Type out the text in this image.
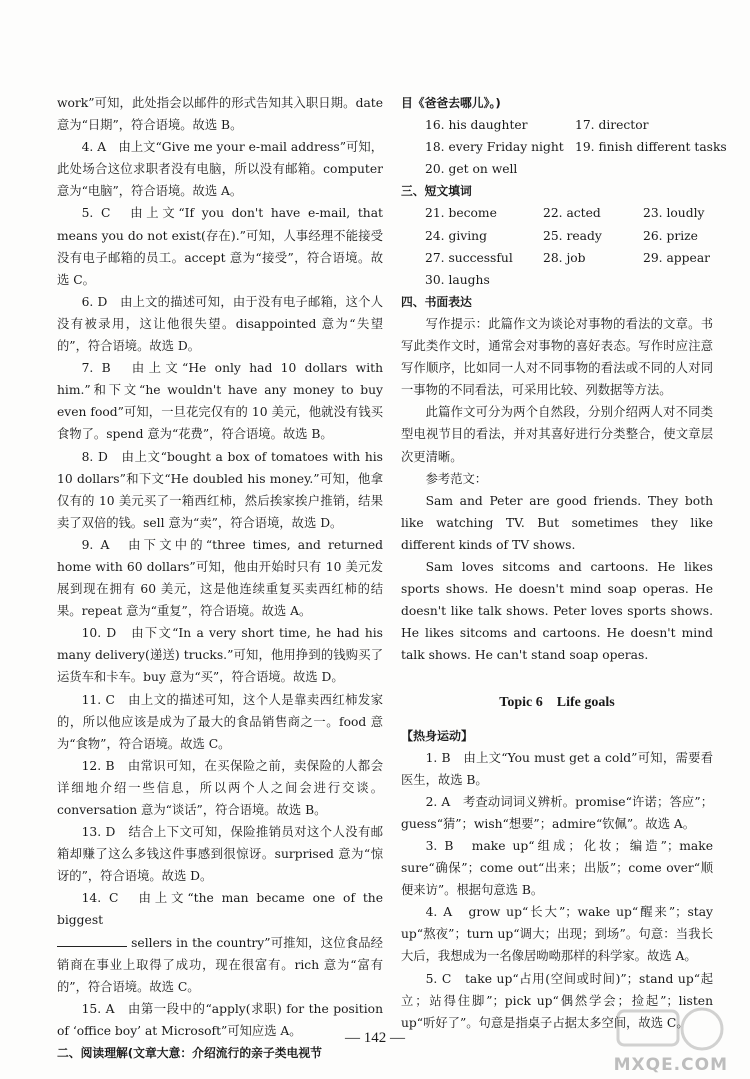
work”可知，此处指会以邮件的形式告知其入职日期。date 意为“日期”，符合语境。故选 B。

4. A　由上文“Give me your e-mail address”可知，此处场合这位求职者没有电脑，所以没有邮箱。computer 意为“电脑”，符合语境。故选 A。

5. C　由上文“If you don't have e-mail, that means you do not exist(存在).”可知，人事经理不能接受没有电子邮箱的员工。accept 意为“接受”，符合语境。故选 C。

6. D　由上文的描述可知，由于没有电子邮箱，这个人没有被录用，这让他很失望。disappointed 意为“失望的”，符合语境。故选 D。

7. B　由上文“He only had 10 dollars with him.”和下文“he wouldn't have any money to buy even food”可知，一旦花完仅有的 10 美元，他就没有钱买食物了。spend 意为“花费”，符合语境。故选 B。

8. D　由上文“bought a box of tomatoes with his 10 dollars”和下文“He doubled his money.”可知，他拿仅有的 10 美元买了一箱西红柿，然后挨家挨户推销，结果卖了双倍的钱。sell 意为“卖”，符合语境，故选 D。

9. A　由下文中的“three times, and returned home with 60 dollars”可知，他由开始时只有 10 美元发展到现在拥有 60 美元，这是他连续重复买卖西红柿的结果。repeat 意为“重复”，符合语境。故选 A。

10. D　由下文“In a very short time, he had his many delivery(递送) trucks.”可知，他用挣到的钱购买了运货车和卡车。buy 意为“买”，符合语境。故选 D。

11. C　由上文的描述可知，这个人是靠卖西红柿发家的，所以他应该是成为了最大的食品销售商之一。food 意为“食物”，符合语境。故选 C。

12. B　由常识可知，在买保险之前，卖保险的人都会详细地介绍一些信息，所以两个人之间会进行交谈。conversation 意为“谈话”，符合语境。故选 B。

13. D　结合上下文可知，保险推销员对这个人没有邮箱却赚了这么多钱这件事感到很惊讶。surprised 意为“惊讶的”，符合语境。故选 D。

14. C　由上文“the man became one of the biggest

sellers in the country”可推知，这位食品经销商在事业上取得了成功，现在很富有。rich 意为“富有的”，符合语境。故选 C。

15. A　由第一段中的“apply(求职) for the position of ‘office boy’ at Microsoft”可知应选 A。

二、阅读理解(文章大意：介绍流行的亲子类电视节

目《爸爸去哪儿》。)

16. his daughter	17. director
18. every Friday night 19. finish different tasks
20. get on well

三、短文填词

21. become	22. acted	23. loudly
24. giving	25. ready	26. prize
27. successful	28. job	29. appear
30. laughs

四、书面表达

写作提示：此篇作文为谈论对事物的看法的文章。书写此类作文时，通常会对事物的喜好表态。写作时应注意写作顺序，比如同一人对不同事物的看法或不同的人对同一事物的不同看法，可采用比较、列数据等方法。

此篇作文可分为两个自然段，分别介绍两人对不同类型电视节目的看法，并对其喜好进行分类整合，使文章层次更清晰。

参考范文：

Sam and Peter are good friends. They both like watching TV. But sometimes they like different kinds of TV shows.

Sam loves sitcoms and cartoons. He likes sports shows. He doesn't mind soap operas. He doesn't like talk shows. Peter loves sports shows. He likes sitcoms and cartoons. He doesn't mind talk shows. He can't stand soap operas.

Topic 6　Life goals

【热身运动】

1. B　由上文“You must get a cold”可知，需要看医生，故选 B。

2. A　考查动词词义辨析。promise“许诺；答应”；guess“猜”；wish“想要”；admire“钦佩”。故选 A。

3. B　make up“组成；化妆；编造”；make sure“确保”；come out“出来；出版”；come over“顺便来访”。根据句意选 B。

4. A　grow up“长大”；wake up“醒来”；stay up“熬夜”；turn up“调大；出现；到场”。句意：当我长大后，我想成为一名像居呦呦那样的科学家。故选 A。

5. C　take up“占用(空间或时间)”；stand up“起立；站得住脚”；pick up“偶然学会；捡起”；listen up“听好了”。句意是指桌子占据太多空间，故选 C。

— 142 —
MXQE.COM
